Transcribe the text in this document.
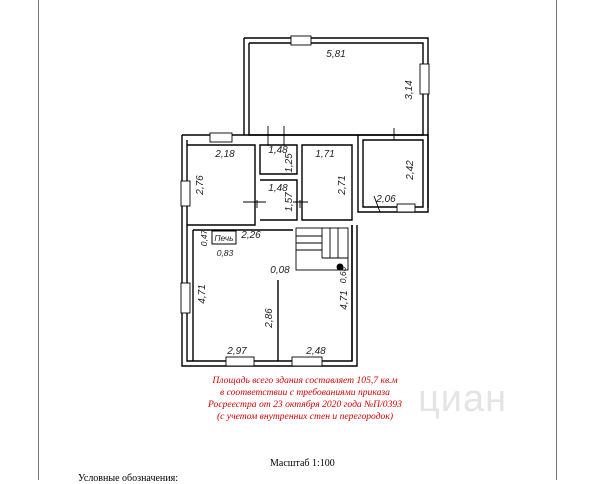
циан
Печь
5,81
3,14
2,42
2,06
2,18
2,76
1,48
1,25
1,48
1,57
1,71
2,71
0,47
0,83
2,26
0,08	0,63
4,71	4,71
2,86
2,97	2,48
Площадь всего здания составляет 105,7 кв.м
в соответствии с требованиями приказа
Росреестра от 23 октября 2020 года №П/0393
(с учетом внутренних стен и перегородок)
Масштаб 1:100
Условные обозначения:
